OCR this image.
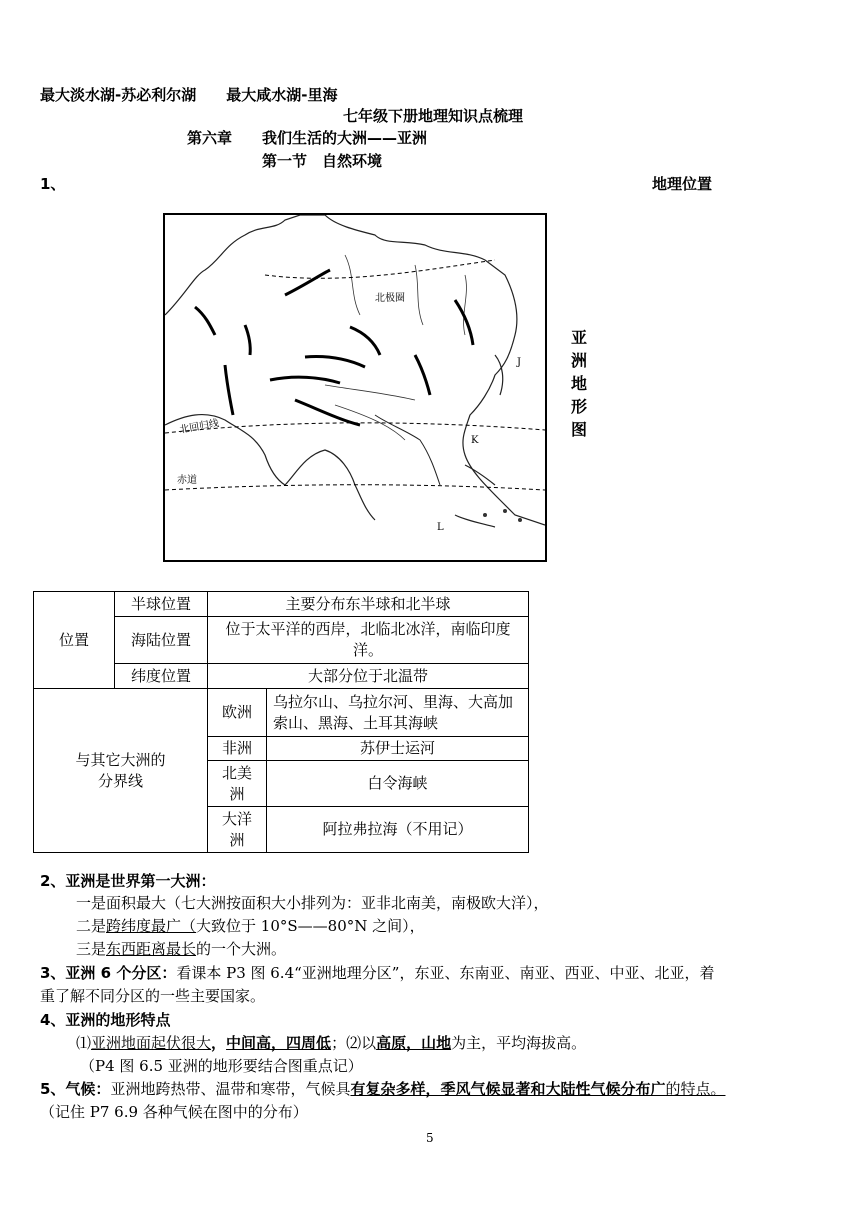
最大淡水湖-苏必利尔湖　　最大咸水湖-里海
七年级下册地理知识点梳理
第六章　　我们生活的大洲——亚洲
第一节　自然环境
1、	地理位置
北极圈
北回归线
赤道
J
K
L
亚
洲
地
形
图
位置	半球位置	主要分布东半球和北半球	
	海陆位置	位于太平洋的西岸，北临北冰洋，南临印度洋。	
	纬度位置	大部分位于北温带	
与其它大洲的分界线		欧洲	乌拉尔山、乌拉尔河、里海、大高加索山、黑海、土耳其海峡
		非洲	苏伊士运河
		北美洲	白令海峡
		大洋洲	阿拉弗拉海（不用记）
2、亚洲是世界第一大洲：
一是面积最大（七大洲按面积大小排列为：亚非北南美，南极欧大洋），
二是跨纬度最广（大致位于 10°S——80°N 之间），
三是东西距离最长的一个大洲。
3、亚洲 6 个分区：看课本 P3 图 6.4“亚洲地理分区”，东亚、东南亚、南亚、西亚、中亚、北亚，着
重了解不同分区的一些主要国家。
4、亚洲的地形特点
⑴亚洲地面起伏很大，中间高，四周低；⑵以高原，山地为主，平均海拔高。
（P4 图 6.5 亚洲的地形要结合图重点记）
5、气候：亚洲地跨热带、温带和寒带，气候具有复杂多样，季风气候显著和大陆性气候分布广的特点。
（记住 P7 6.9 各种气候在图中的分布）
5
